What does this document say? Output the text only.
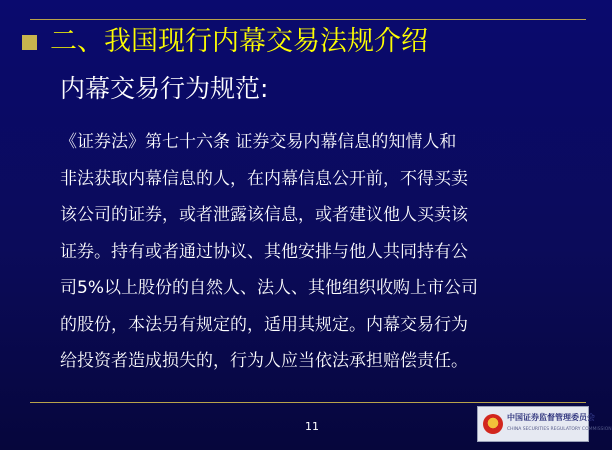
二、我国现行内幕交易法规介绍
内幕交易行为规范:
《证券法》第七十六条 证券交易内幕信息的知情人和
非法获取内幕信息的人，在内幕信息公开前，不得买卖
该公司的证券，或者泄露该信息，或者建议他人买卖该
证券。持有或者通过协议、其他安排与他人共同持有公
司5%以上股份的自然人、法人、其他组织收购上市公司
的股份，本法另有规定的，适用其规定。内幕交易行为
给投资者造成损失的，行为人应当依法承担赔偿责任。
11
中国证券监督管理委员会
CHINA SECURITIES REGULATORY COMMISSION
